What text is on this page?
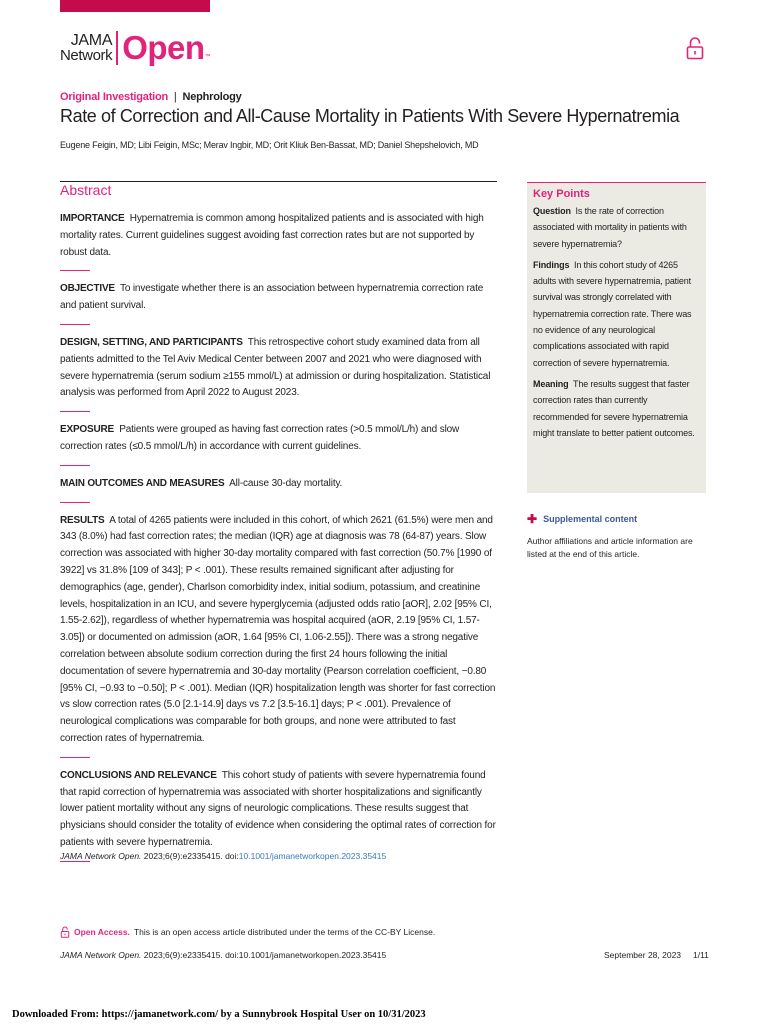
JAMA
Network Open ™
Original Investigation | Nephrology
Rate of Correction and All-Cause Mortality in Patients With Severe Hypernatremia
Eugene Feigin, MD; Libi Feigin, MSc; Merav Ingbir, MD; Orit Kliuk Ben-Bassat, MD; Daniel Shepshelovich, MD
Abstract

IMPORTANCE Hypernatremia is common among hospitalized patients and is associated with high mortality rates. Current guidelines suggest avoiding fast correction rates but are not supported by robust data.

OBJECTIVE To investigate whether there is an association between hypernatremia correction rate and patient survival.

DESIGN, SETTING, AND PARTICIPANTS This retrospective cohort study examined data from all patients admitted to the Tel Aviv Medical Center between 2007 and 2021 who were diagnosed with severe hypernatremia (serum sodium ≥155 mmol/L) at admission or during hospitalization. Statistical analysis was performed from April 2022 to August 2023.

EXPOSURE Patients were grouped as having fast correction rates (>0.5 mmol/L/h) and slow correction rates (≤0.5 mmol/L/h) in accordance with current guidelines.

MAIN OUTCOMES AND MEASURES All-cause 30-day mortality.

RESULTS A total of 4265 patients were included in this cohort, of which 2621 (61.5%) were men and 343 (8.0%) had fast correction rates; the median (IQR) age at diagnosis was 78 (64-87) years. Slow correction was associated with higher 30-day mortality compared with fast correction (50.7% [1990 of 3922] vs 31.8% [109 of 343]; P < .001). These results remained significant after adjusting for demographics (age, gender), Charlson comorbidity index, initial sodium, potassium, and creatinine levels, hospitalization in an ICU, and severe hyperglycemia (adjusted odds ratio [aOR], 2.02 [95% CI, 1.55-2.62]), regardless of whether hypernatremia was hospital acquired (aOR, 2.19 [95% CI, 1.57-3.05]) or documented on admission (aOR, 1.64 [95% CI, 1.06-2.55]). There was a strong negative correlation between absolute sodium correction during the first 24 hours following the initial documentation of severe hypernatremia and 30-day mortality (Pearson correlation coefficient, −0.80 [95% CI, −0.93 to −0.50]; P < .001). Median (IQR) hospitalization length was shorter for fast correction vs slow correction rates (5.0 [2.1-14.9] days vs 7.2 [3.5-16.1] days; P < .001). Prevalence of neurological complications was comparable for both groups, and none were attributed to fast correction rates of hypernatremia.

CONCLUSIONS AND RELEVANCE This cohort study of patients with severe hypernatremia found that rapid correction of hypernatremia was associated with shorter hospitalizations and significantly lower patient mortality without any signs of neurologic complications. These results suggest that physicians should consider the totality of evidence when considering the optimal rates of correction for patients with severe hypernatremia.

JAMA Network Open. 2023;6(9):e2335415. doi:10.1001/jamanetworkopen.2023.35415
Key Points

Question Is the rate of correction associated with mortality in patients with severe hypernatremia?

Findings In this cohort study of 4265 adults with severe hypernatremia, patient survival was strongly correlated with hypernatremia correction rate. There was no evidence of any neurological complications associated with rapid correction of severe hypernatremia.

Meaning The results suggest that faster correction rates than currently recommended for severe hypernatremia might translate to better patient outcomes.

✚ Supplemental content
Author affiliations and article information are listed at the end of this article.
Open Access. This is an open access article distributed under the terms of the CC-BY License.
JAMA Network Open. 2023;6(9):e2335415. doi:10.1001/jamanetworkopen.2023.35415	September 28, 2023 1/11
Downloaded From: https://jamanetwork.com/ by a Sunnybrook Hospital User on 10/31/2023
